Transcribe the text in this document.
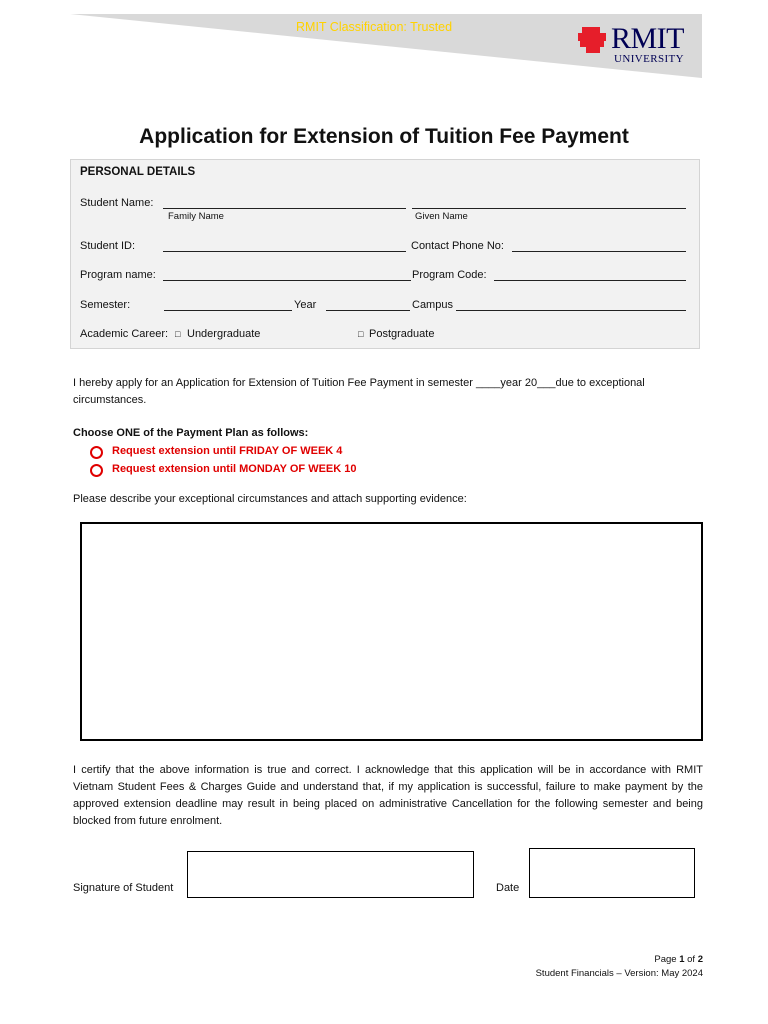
RMIT Classification: Trusted	RMIT
UNIVERSITY
Application for Extension of Tuition Fee Payment
PERSONAL DETAILS
Student Name:
Family Name	Given Name
Student ID:	Contact Phone No:
Program name:	Program Code:
Semester:	Year	Campus
Academic Career: □ Undergraduate	□ Postgraduate
I hereby apply for an Application for Extension of Tuition Fee Payment in semester ____year 20___due to exceptional circumstances.
Choose ONE of the Payment Plan as follows:
Request extension until FRIDAY OF WEEK 4
Request extension until MONDAY OF WEEK 10
Please describe your exceptional circumstances and attach supporting evidence:
I certify that the above information is true and correct. I acknowledge that this application will be in accordance with RMIT Vietnam Student Fees & Charges Guide and understand that, if my application is successful, failure to make payment by the approved extension deadline may result in being placed on administrative Cancellation for the following semester and being blocked from future enrolment.
Signature of Student	Date
Page 1 of 2
Student Financials – Version: May 2024
